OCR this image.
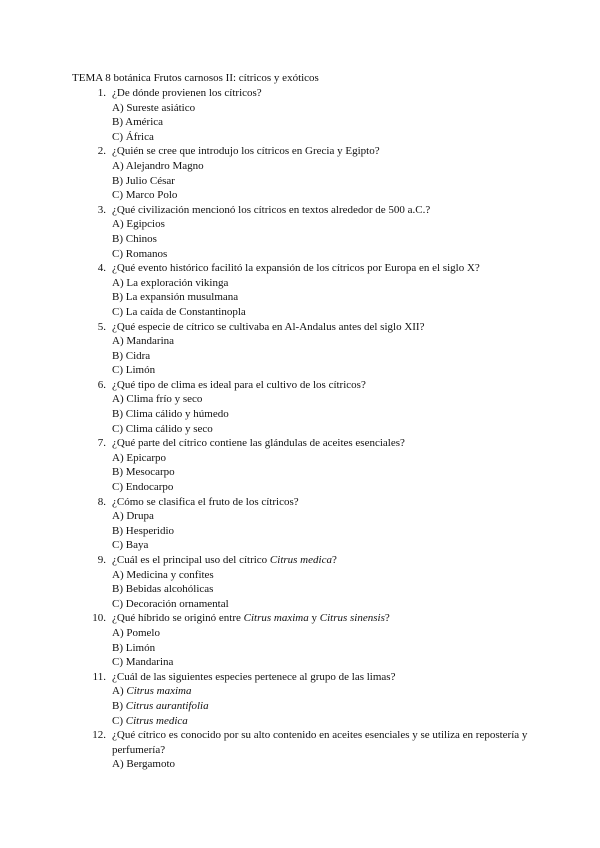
TEMA 8 botánica Frutos carnosos II: cítricos y exóticos
1. ¿De dónde provienen los cítricos?
A) Sureste asiático
B) América
C) África
2. ¿Quién se cree que introdujo los cítricos en Grecia y Egipto?
A) Alejandro Magno
B) Julio César
C) Marco Polo
3. ¿Qué civilización mencionó los cítricos en textos alrededor de 500 a.C.?
A) Egipcios
B) Chinos
C) Romanos
4. ¿Qué evento histórico facilitó la expansión de los cítricos por Europa en el siglo X?
A) La exploración vikinga
B) La expansión musulmana
C) La caída de Constantinopla
5. ¿Qué especie de cítrico se cultivaba en Al-Andalus antes del siglo XII?
A) Mandarina
B) Cidra
C) Limón
6. ¿Qué tipo de clima es ideal para el cultivo de los cítricos?
A) Clima frío y seco
B) Clima cálido y húmedo
C) Clima cálido y seco
7. ¿Qué parte del cítrico contiene las glándulas de aceites esenciales?
A) Epicarpo
B) Mesocarpo
C) Endocarpo
8. ¿Cómo se clasifica el fruto de los cítricos?
A) Drupa
B) Hesperidio
C) Baya
9. ¿Cuál es el principal uso del cítrico Citrus medica?
A) Medicina y confites
B) Bebidas alcohólicas
C) Decoración ornamental
10. ¿Qué híbrido se originó entre Citrus maxima y Citrus sinensis?
A) Pomelo
B) Limón
C) Mandarina
11. ¿Cuál de las siguientes especies pertenece al grupo de las limas?
A) Citrus maxima
B) Citrus aurantifolia
C) Citrus medica
12. ¿Qué cítrico es conocido por su alto contenido en aceites esenciales y se utiliza en repostería y perfumería?
A) Bergamoto
